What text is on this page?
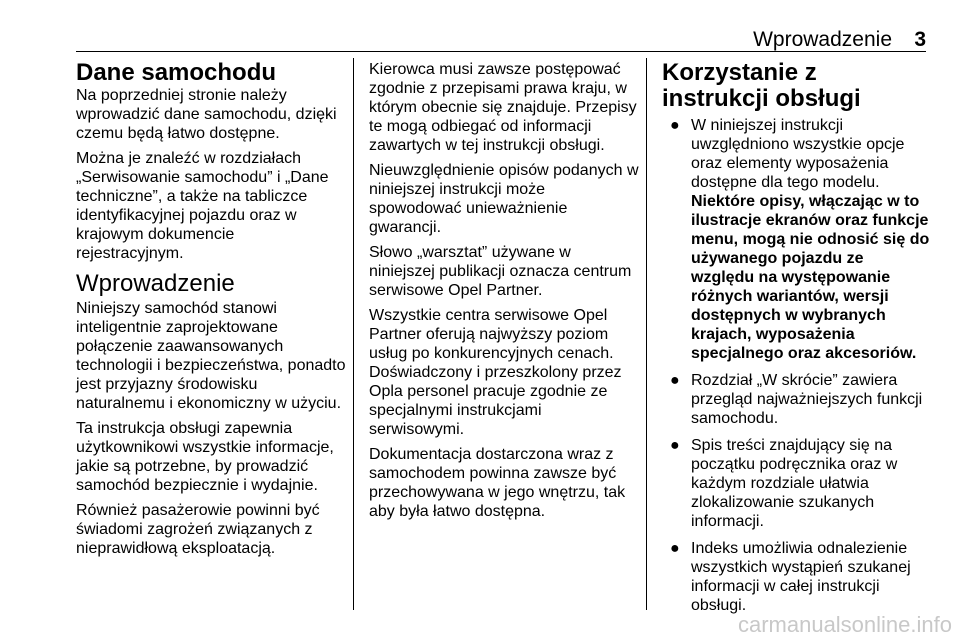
Wprowadzenie 3
Dane samochodu

Na poprzedniej stronie należy wprowadzić dane samochodu, dzięki czemu będą łatwo dostępne.

Można je znaleźć w rozdziałach „Serwisowanie samochodu” i „Dane techniczne”, a także na tabliczce identyfikacyjnej pojazdu oraz w krajowym dokumencie rejestracyjnym.

Wprowadzenie

Niniejszy samochód stanowi inteligentnie zaprojektowane połączenie zaawansowanych technologii i bezpieczeństwa, ponadto jest przyjazny środowisku naturalnemu i ekonomiczny w użyciu.

Ta instrukcja obsługi zapewnia użytkownikowi wszystkie informacje, jakie są potrzebne, by prowadzić samochód bezpiecznie i wydajnie.

Również pasażerowie powinni być świadomi zagrożeń związanych z nieprawidłową eksploatacją.

Kierowca musi zawsze postępować zgodnie z przepisami prawa kraju, w którym obecnie się znajduje. Przepisy te mogą odbiegać od informacji zawartych w tej instrukcji obsługi.

Nieuwzględnienie opisów podanych w niniejszej instrukcji może spowodować unieważnienie gwarancji.

Słowo „warsztat” używane w niniejszej publikacji oznacza centrum serwisowe Opel Partner.

Wszystkie centra serwisowe Opel Partner oferują najwyższy poziom usług po konkurencyjnych cenach. Doświadczony i przeszkolony przez Opla personel pracuje zgodnie ze specjalnymi instrukcjami serwisowymi.

Dokumentacja dostarczona wraz z samochodem powinna zawsze być przechowywana w jego wnętrzu, tak aby była łatwo dostępna.

Korzystanie z instrukcji obsługi
● W niniejszej instrukcji uwzględniono wszystkie opcje oraz elementy wyposażenia dostępne dla tego modelu.
Niektóre opisy, włączając w to ilustracje ekranów oraz funkcje menu, mogą nie odnosić się do używanego pojazdu ze względu na występowanie różnych wariantów, wersji dostępnych w wybranych krajach, wyposażenia specjalnego oraz akcesoriów.
● Rozdział „W skrócie” zawiera przegląd najważniejszych funkcji samochodu.
● Spis treści znajdujący się na początku podręcznika oraz w każdym rozdziale ułatwia zlokalizowanie szukanych informacji.
● Indeks umożliwia odnalezienie wszystkich wystąpień szukanej informacji w całej instrukcji obsługi.
carmanualsonline.info
